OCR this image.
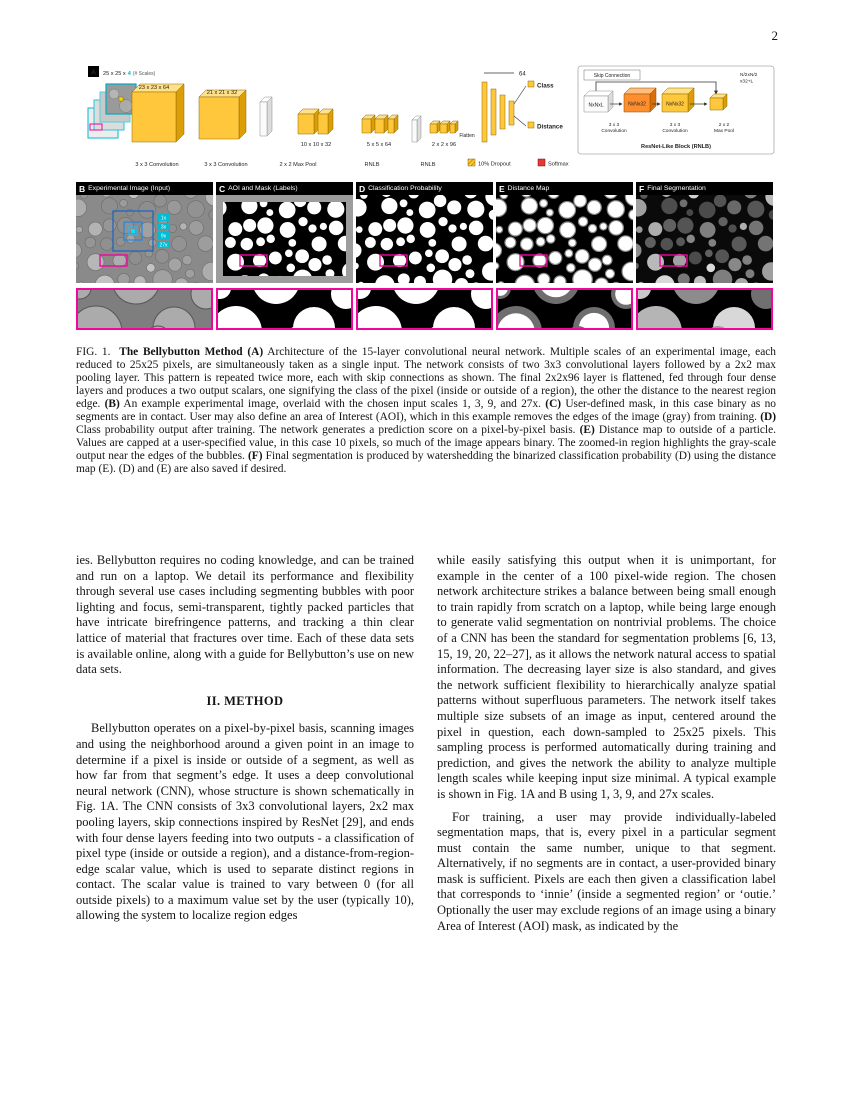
2
A 25 x 25 x 4 (# Scales)
23 x 23 x 64
21 x 21 x 32
10 x 10 x 32	5 x 5 x 64	2 x 2 x 96
Flatten
64
Class
Distance
3 x 3 Convolution	3 x 3 Convolution	2 x 2 Max Pool	RNLB	RNLB	10% Dropout	Softmax
Skip Connection	N/2xN/2
x32+L
NxNxL	NxNx32	NxNx32
3 x 3
Convolution
3 x 3
Convolution
2 x 2
Max Pool
ResNet-Like Block (RNLB)
B Experimental Image (Input)
1x
3x
9x
27x
C AOI and Mask (Labels)	D Classification Probability	E Distance Map	F Final Segmentation

FIG. 1. The Bellybutton Method (A) Architecture of the 15-layer convolutional neural network. Multiple scales of an experimental image, each reduced to 25x25 pixels, are simultaneously taken as a single input. The network consists of two 3x3 convolutional layers followed by a 2x2 max pooling layer. This pattern is repeated twice more, each with skip connections as shown. The final 2x2x96 layer is flattened, fed through four dense layers and produces a two output scalars, one signifying the class of the pixel (inside or outside of a region), the other the distance to the nearest region edge. (B) An example experimental image, overlaid with the chosen input scales 1, 3, 9, and 27x. (C) User-defined mask, in this case binary as no segments are in contact. User may also define an area of Interest (AOI), which in this example removes the edges of the image (gray) from training. (D) Class probability output after training. The network generates a prediction score on a pixel-by-pixel basis. (E) Distance map to outside of a particle. Values are capped at a user-specified value, in this case 10 pixels, so much of the image appears binary. The zoomed-in region highlights the gray-scale output near the edges of the bubbles. (F) Final segmentation is produced by watershedding the binarized classification probability (D) using the distance map (E). (D) and (E) are also saved if desired.

ies. Bellybutton requires no coding knowledge, and can be trained and run on a laptop. We detail its performance and flexibility through several use cases including segmenting bubbles with poor lighting and focus, semi-transparent, tightly packed particles that have intricate birefringence patterns, and tracking a thin clear lattice of material that fractures over time. Each of these data sets is available online, along with a guide for Bellybutton’s use on new data sets.

II. METHOD

Bellybutton operates on a pixel-by-pixel basis, scanning images and using the neighborhood around a given point in an image to determine if a pixel is inside or outside of a segment, as well as how far from that segment’s edge. It uses a deep convolutional neural network (CNN), whose structure is shown schematically in Fig. 1A. The CNN consists of 3x3 convolutional layers, 2x2 max pooling layers, skip connections inspired by ResNet [29], and ends with four dense layers feeding into two outputs - a classification of pixel type (inside or outside a region), and a distance-from-region-edge scalar value, which is used to separate distinct regions in contact. The scalar value is trained to vary between 0 (for all outside pixels) to a maximum value set by the user (typically 10), allowing the system to localize region edges

while easily satisfying this output when it is unimportant, for example in the center of a 100 pixel-wide region. The chosen network architecture strikes a balance between being small enough to train rapidly from scratch on a laptop, while being large enough to generate valid segmentation on nontrivial problems. The choice of a CNN has been the standard for segmentation problems [6, 13, 15, 19, 20, 22–27], as it allows the network natural access to spatial information. The decreasing layer size is also standard, and gives the network sufficient flexibility to hierarchically analyze spatial patterns without superfluous parameters. The network itself takes multiple size subsets of an image as input, centered around the pixel in question, each down-sampled to 25x25 pixels. This sampling process is performed automatically during training and prediction, and gives the network the ability to analyze multiple length scales while keeping input size minimal. A typical example is shown in Fig. 1A and B using 1, 3, 9, and 27x scales.

For training, a user may provide individually-labeled segmentation maps, that is, every pixel in a particular segment must contain the same number, unique to that segment. Alternatively, if no segments are in contact, a user-provided binary mask is sufficient. Pixels are each then given a classification label that corresponds to ‘innie’ (inside a segmented region’ or ‘outie.’ Optionally the user may exclude regions of an image using a binary Area of Interest (AOI) mask, as indicated by the
